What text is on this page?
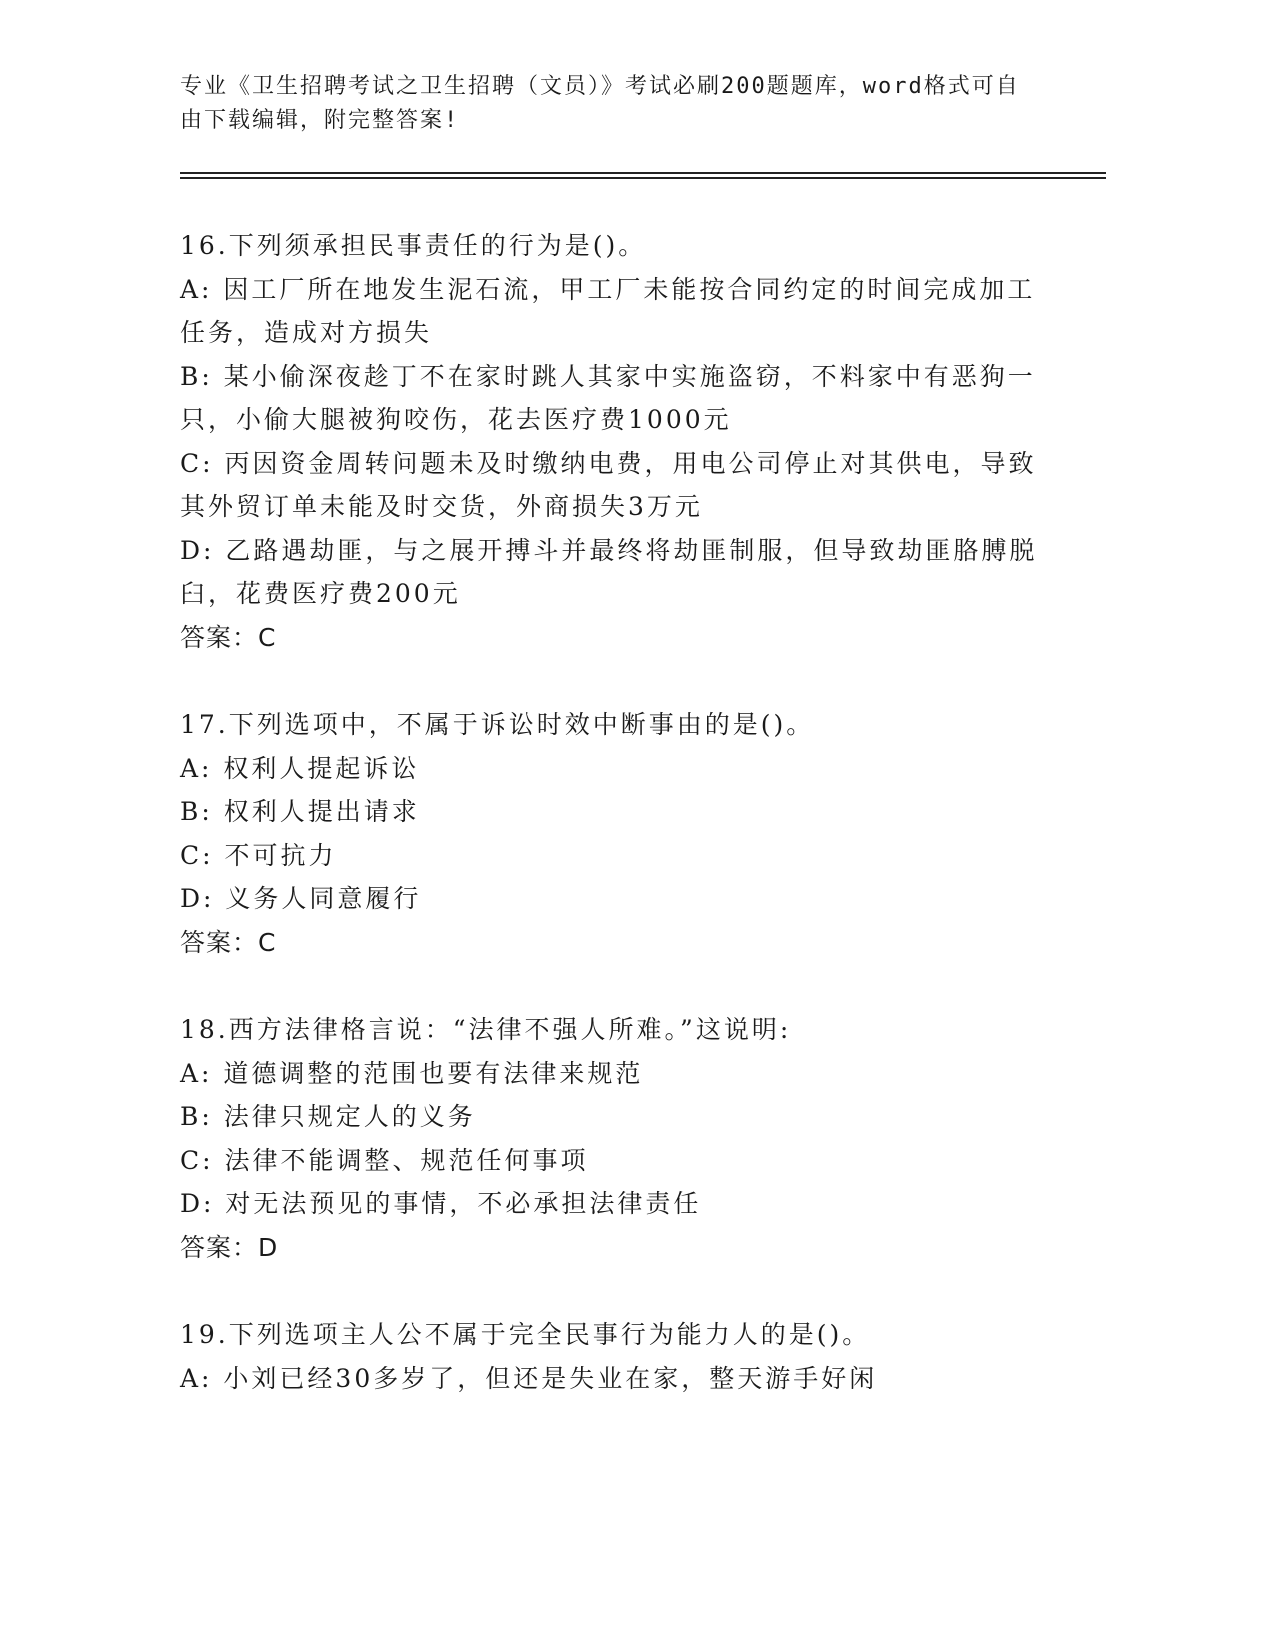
专业《卫生招聘考试之卫生招聘（文员）》考试必刷200题题库，word格式可自由下载编辑，附完整答案!
16.下列须承担民事责任的行为是()。
A: 因工厂所在地发生泥石流，甲工厂未能按合同约定的时间完成加工任务，造成对方损失
B: 某小偷深夜趁丁不在家时跳人其家中实施盗窃，不料家中有恶狗一只，小偷大腿被狗咬伤，花去医疗费1000元
C: 丙因资金周转问题未及时缴纳电费，用电公司停止对其供电，导致其外贸订单未能及时交货，外商损失3万元
D: 乙路遇劫匪，与之展开搏斗并最终将劫匪制服，但导致劫匪胳膊脱臼，花费医疗费200元
答案：C
17.下列选项中，不属于诉讼时效中断事由的是()。
A: 权利人提起诉讼
B: 权利人提出请求
C: 不可抗力
D: 义务人同意履行
答案：C
18.西方法律格言说：“法律不强人所难。”这说明:
A: 道德调整的范围也要有法律来规范
B: 法律只规定人的义务
C: 法律不能调整、规范任何事项
D: 对无法预见的事情，不必承担法律责任
答案：D
19.下列选项主人公不属于完全民事行为能力人的是()。
A: 小刘已经30多岁了，但还是失业在家，整天游手好闲
